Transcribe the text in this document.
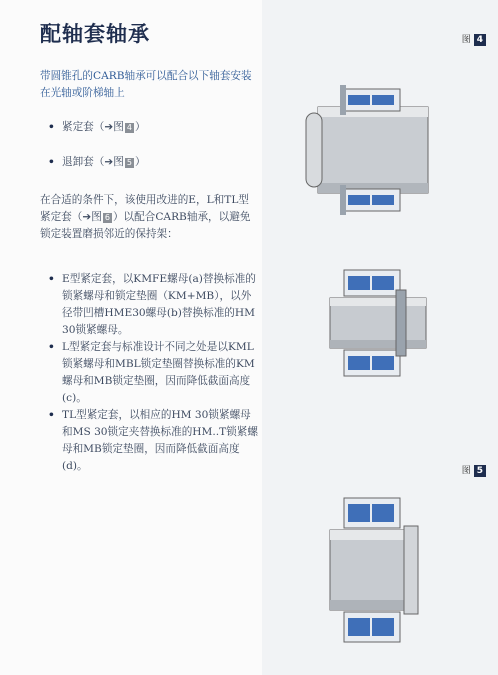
配轴套轴承
带圆锥孔的CARB轴承可以配合以下轴套安装在光轴或阶梯轴上
• 紧定套（➔图 4 ）
• 退卸套（➔图 5 ）
在合适的条件下，该使用改进的E，L和TL型紧定套（➔图 6 ）以配合CARB轴承，以避免锁定装置磨损邻近的保持架：
• E型紧定套，以KMFE螺母(a)替换标准的锁紧螺母和锁定垫圈（KM+MB），以外径带凹槽HME30螺母(b)替换标准的HM 30锁紧螺母。
• L型紧定套与标准设计不同之处是以KML锁紧螺母和MBL锁定垫圈替换标准的KM螺母和MB锁定垫圈，因而降低截面高度(c)。
• TL型紧定套，以相应的HM 30锁紧螺母和MS 30锁定夹替换标准的HM..T锁紧螺母和MB锁定垫圈，因而降低截面高度(d)。
图 4
图 5
